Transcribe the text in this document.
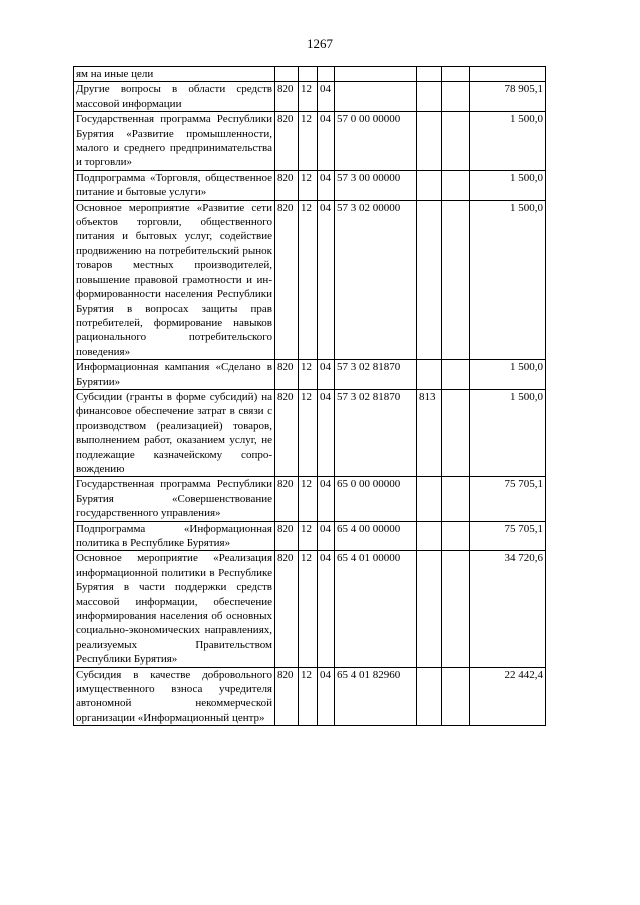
1267
ям на иные цели							
Другие вопросы в области средств массовой информации	820	12	04				78 905,1
Государственная программа Республики Бурятия «Развитие промышленности, малого и среднего предпринимательства и торговли»	820	12	04	57 0 00 00000			1 500,0
Подпрограмма «Торговля, общественное питание и бытовые услуги»	820	12	04	57 3 00 00000			1 500,0
Основное мероприятие «Развитие сети объектов торговли, общественного питания и бытовых услуг, содействие продвижению на потребительский рынок товаров местных производителей, повышение правовой грамотности и информированности населения Республики Бурятия в вопросах защиты прав потребителей, формирование навыков рационального потребительского поведения»	820	12	04	57 3 02 00000			1 500,0
Информационная кампания «Сделано в Бурятии»	820	12	04	57 3 02 81870			1 500,0
Субсидии (гранты в форме субсидий) на финансовое обеспечение затрат в связи с производством (реализацией) товаров, выполнением работ, оказанием услуг, не подлежащие казначейскому сопровождению	820	12	04	57 3 02 81870	813		1 500,0
Государственная программа Республики Бурятия «Совершенствование государственного управления»	820	12	04	65 0 00 00000			75 705,1
Подпрограмма «Информационная политика в Республике Бурятия»	820	12	04	65 4 00 00000			75 705,1
Основное мероприятие «Реализация информационной политики в Республике Бурятия в части поддержки средств массовой информации, обеспечение информирования населения об основных социально-экономических направлениях, реализуемых Правительством Республики Бурятия»	820	12	04	65 4 01 00000			34 720,6
Субсидия в качестве добровольного имущественного взноса учредителя автономной некоммерческой организации «Информационный центр»	820	12	04	65 4 01 82960			22 442,4
